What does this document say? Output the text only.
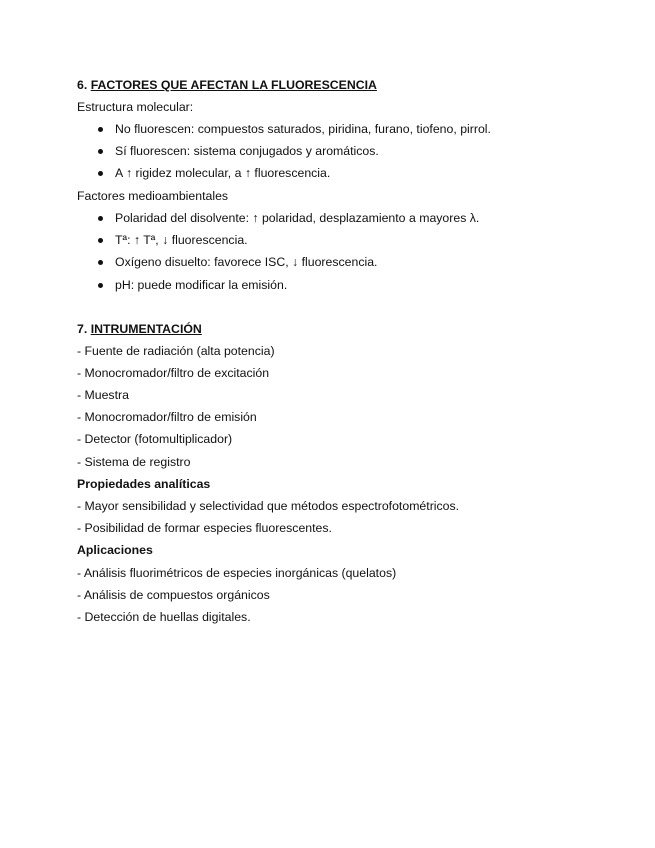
6. FACTORES QUE AFECTAN LA FLUORESCENCIA
Estructura molecular:
No fluorescen: compuestos saturados, piridina, furano, tiofeno, pirrol.
Sí fluorescen: sistema conjugados y aromáticos.
A ↑ rigidez molecular, a ↑ fluorescencia.
Factores medioambientales
Polaridad del disolvente: ↑ polaridad, desplazamiento a mayores λ.
Tª: ↑ Tª, ↓ fluorescencia.
Oxígeno disuelto: favorece ISC, ↓ fluorescencia.
pH: puede modificar la emisión.
7. INTRUMENTACIÓN
- Fuente de radiación (alta potencia)
- Monocromador/filtro de excitación
- Muestra
- Monocromador/filtro de emisión
- Detector (fotomultiplicador)
- Sistema de registro
Propiedades analíticas
- Mayor sensibilidad y selectividad que métodos espectrofotométricos.
- Posibilidad de formar especies fluorescentes.
Aplicaciones
- Análisis fluorimétricos de especies inorgánicas (quelatos)
- Análisis de compuestos orgánicos
- Detección de huellas digitales.
